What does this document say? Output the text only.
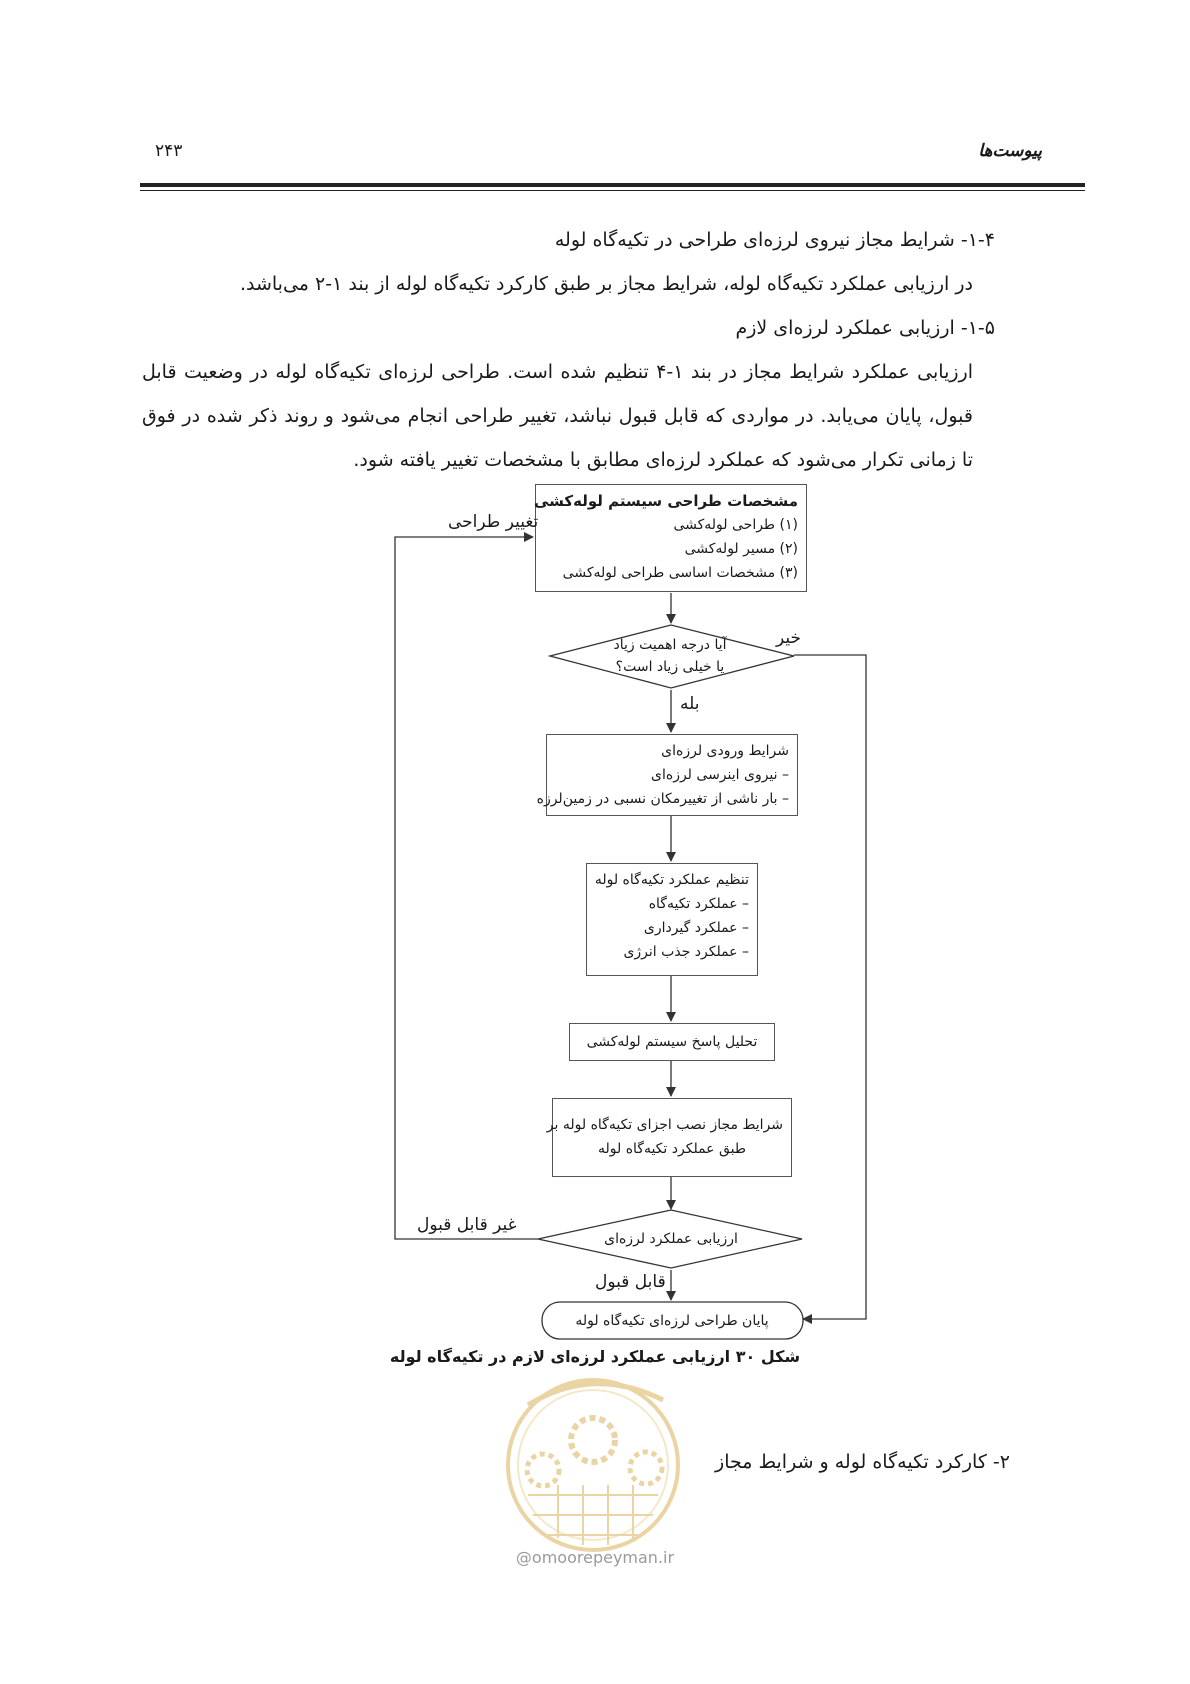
۲۴۳	پیوست‌ها
۱-۴- شرایط مجاز نیروی لرزه‌ای طراحی در تکیه‌گاه لوله
در ارزیابی عملکرد تکیه‌گاه لوله، شرایط مجاز بر طبق کارکرد تکیه‌گاه لوله از بند ۱-۲ می‌باشد.
۱-۵- ارزیابی عملکرد لرزه‌ای لازم
ارزیابی عملکرد شرایط مجاز در بند ۱-۴ تنظیم شده است. طراحی لرزه‌ای تکیه‌گاه لوله در وضعیت قابل قبول، پایان می‌یابد. در مواردی که قابل قبول نباشد، تغییر طراحی انجام می‌شود و روند ذکر شده در فوق تا زمانی تکرار می‌شود که عملکرد لرزه‌ای مطابق با مشخصات تغییر یافته شود.
مشخصات طراحی سیستم لوله‌کشی
(۱) طراحی لوله‌کشی
(۲) مسیر لوله‌کشی
(۳) مشخصات اساسی طراحی لوله‌کشی
آیا درجه اهمیت زیاد
یا خیلی زیاد است؟
خیر
بله
شرایط ورودی لرزه‌ای
– نیروی اینرسی لرزه‌ای
– بار ناشی از تغییرمکان نسبی در زمین‌لرزه
تنظیم عملکرد تکیه‌گاه لوله
– عملکرد تکیه‌گاه
– عملکرد گیرداری
– عملکرد جذب انرژی
تحلیل پاسخ سیستم لوله‌کشی
شرایط مجاز نصب اجزای تکیه‌گاه لوله بر
طبق عملکرد تکیه‌گاه لوله
ارزیابی عملکرد لرزه‌ای
غیر قابل قبول
قابل قبول
تغییر طراحی
پایان طراحی لرزه‌ای تکیه‌گاه لوله
شکل ۳۰ ارزیابی عملکرد لرزه‌ای لازم در تکیه‌گاه لوله
@omoorepeyman.ir
۲- کارکرد تکیه‌گاه لوله و شرایط مجاز
